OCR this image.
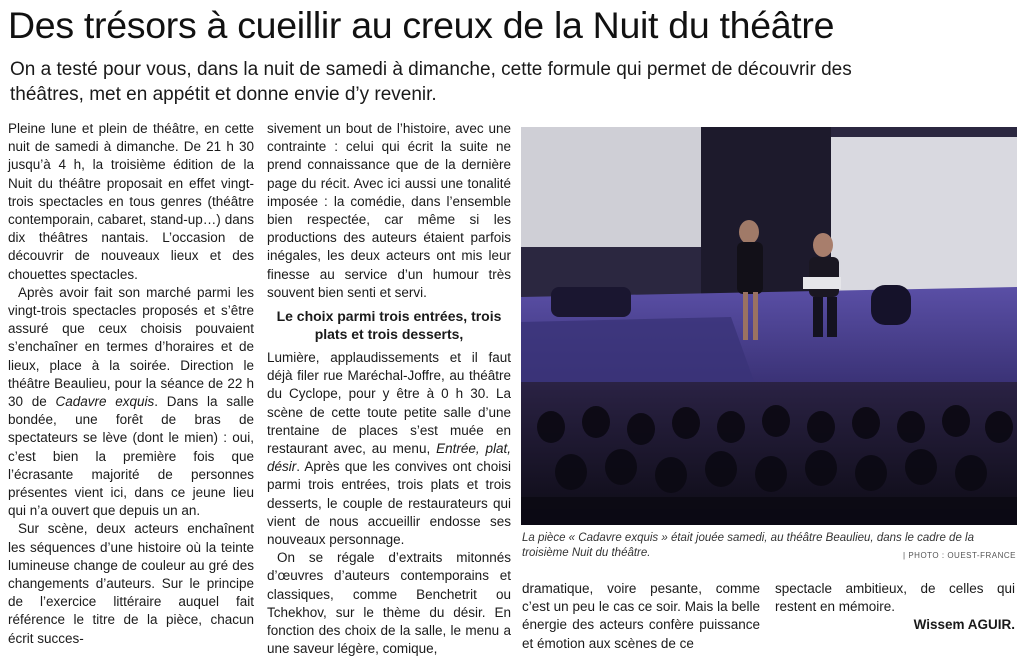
Des trésors à cueillir au creux de la Nuit du théâtre

On a testé pour vous, dans la nuit de samedi à dimanche, cette formule qui permet de découvrir des théâtres, met en appétit et donne envie d’y revenir.

Pleine lune et plein de théâtre, en cette nuit de samedi à dimanche. De 21 h 30 jusqu’à 4 h, la troisième édition de la Nuit du théâtre proposait en effet vingt-trois spectacles en tous genres (théâtre contemporain, cabaret, stand-up…) dans dix théâtres nantais. L’occasion de découvrir de nouveaux lieux et des chouettes spectacles.

Après avoir fait son marché parmi les vingt-trois spectacles proposés et s’être assuré que ceux choisis pouvaient s’enchaîner en termes d’horaires et de lieux, place à la soirée. Direction le théâtre Beaulieu, pour la séance de 22 h 30 de Cadavre exquis. Dans la salle bondée, une forêt de bras de spectateurs se lève (dont le mien) : oui, c’est bien la première fois que l’écrasante majorité de personnes présentes vient ici, dans ce jeune lieu qui n’a ouvert que depuis un an.

Sur scène, deux acteurs enchaînent les séquences d’une histoire où la teinte lumineuse change de couleur au gré des changements d’auteurs. Sur le principe de l’exercice littéraire auquel fait référence le titre de la pièce, chacun écrit succes-

sivement un bout de l’histoire, avec une contrainte : celui qui écrit la suite ne prend connaissance que de la dernière page du récit. Avec ici aussi une tonalité imposée : la comédie, dans l’ensemble bien respectée, car même si les productions des auteurs étaient parfois inégales, les deux acteurs ont mis leur finesse au service d’un humour très souvent bien senti et servi.

Le choix parmi trois entrées, trois plats et trois desserts,

Lumière, applaudissements et il faut déjà filer rue Maréchal-Joffre, au théâtre du Cyclope, pour y être à 0 h 30. La scène de cette toute petite salle d’une trentaine de places s’est muée en restaurant avec, au menu, Entrée, plat, désir. Après que les convives ont choisi parmi trois entrées, trois plats et trois desserts, le couple de restaurateurs qui vient de nous accueillir endosse ses nouveaux personnage.

On se régale d’extraits mitonnés d’œuvres d’auteurs contemporains et classiques, comme Benchetrit ou Tchekhov, sur le thème du désir. En fonction des choix de la salle, le menu a une saveur légère, comique,

La pièce « Cadavre exquis » était jouée samedi, au théâtre Beaulieu, dans le cadre de la troisième Nuit du théâtre.	| PHOTO : OUEST-FRANCE

dramatique, voire pesante, comme c’est un peu le cas ce soir. Mais la belle énergie des acteurs confère puissance et émotion aux scènes de ce

spectacle ambitieux, de celles qui restent en mémoire.

Wissem AGUIR.
